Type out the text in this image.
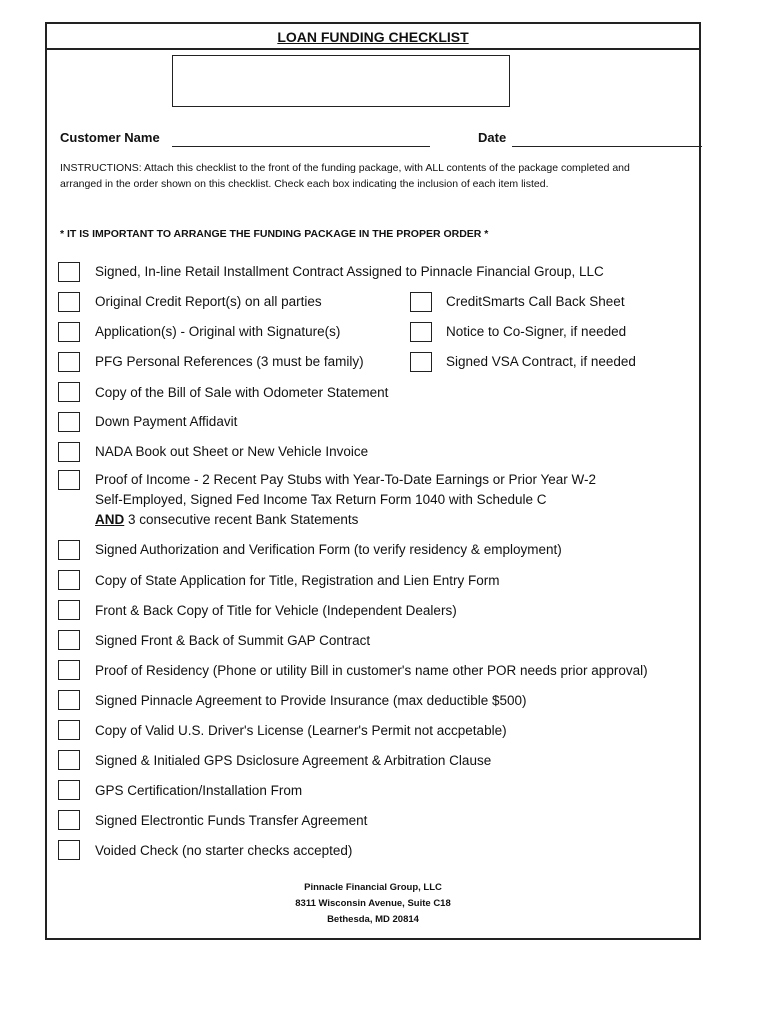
LOAN FUNDING CHECKLIST
Customer Name	Date
INSTRUCTIONS: Attach this checklist to the front of the funding package, with ALL contents of the package completed and arranged in the order shown on this checklist. Check each box indicating the inclusion of each item listed.
* IT IS IMPORTANT TO ARRANGE THE FUNDING PACKAGE IN THE PROPER ORDER *
Signed, In-line Retail Installment Contract Assigned to Pinnacle Financial Group, LLC
Original Credit Report(s) on all parties
Application(s) - Original with Signature(s)
PFG Personal References (3 must be family)
Copy of the Bill of Sale with Odometer Statement
Down Payment Affidavit
NADA Book out Sheet or New Vehicle Invoice
CreditSmarts Call Back Sheet
Notice to Co-Signer, if needed
Signed VSA Contract, if needed
Proof of Income - 2 Recent Pay Stubs with Year-To-Date Earnings or Prior Year W-2
Self-Employed, Signed Fed Income Tax Return Form 1040 with Schedule C
AND 3 consecutive recent Bank Statements
Signed Authorization and Verification Form (to verify residency & employment)
Copy of State Application for Title, Registration and Lien Entry Form
Front & Back Copy of Title for Vehicle (Independent Dealers)
Signed Front & Back of Summit GAP Contract
Proof of Residency (Phone or utility Bill in customer's name other POR needs prior approval)
Signed Pinnacle Agreement to Provide Insurance (max deductible $500)
Copy of Valid U.S. Driver's License (Learner's Permit not accpetable)
Signed & Initialed GPS Dsiclosure Agreement & Arbitration Clause
GPS Certification/Installation From
Signed Electrontic Funds Transfer Agreement
Voided Check (no starter checks accepted)
Pinnacle Financial Group, LLC
8311 Wisconsin Avenue, Suite C18
Bethesda, MD 20814
